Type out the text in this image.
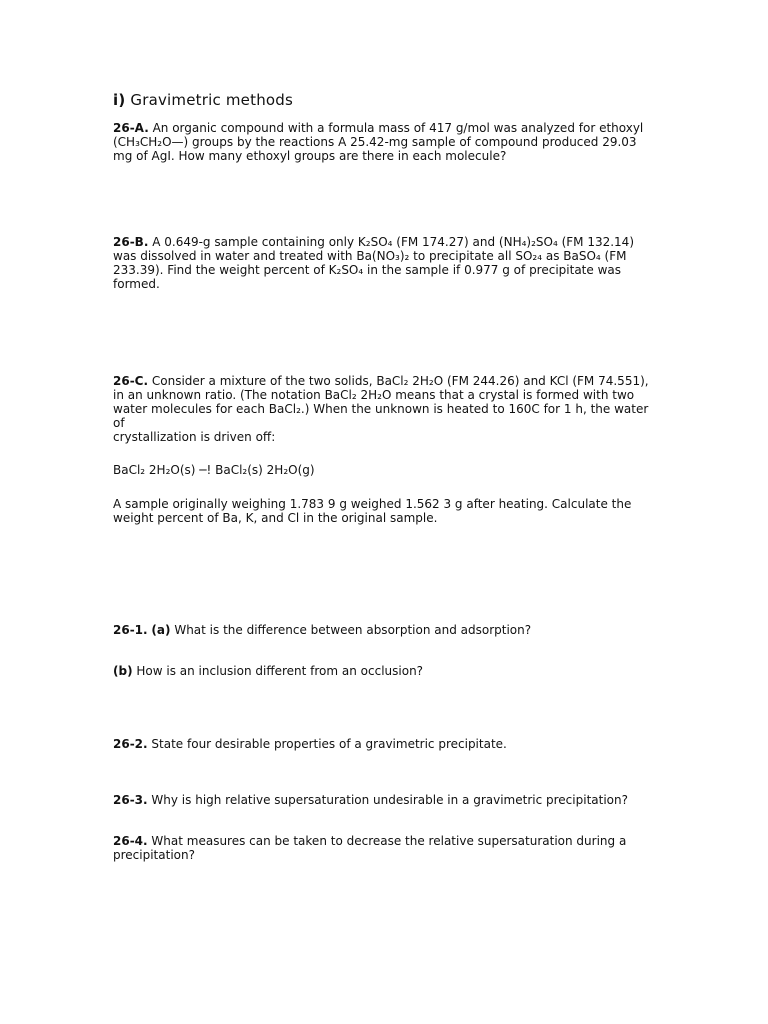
i) Gravimetric methods

26-A. An organic compound with a formula mass of 417 g/mol was analyzed for ethoxyl
(CH₃CH₂O—) groups by the reactions A 25.42-mg sample of compound produced 29.03
mg of AgI. How many ethoxyl groups are there in each molecule?

26-B. A 0.649-g sample containing only K₂SO₄ (FM 174.27) and (NH₄)₂SO₄ (FM 132.14)
was dissolved in water and treated with Ba(NO₃)₂ to precipitate all SO₂₄ as BaSO₄ (FM
233.39). Find the weight percent of K₂SO₄ in the sample if 0.977 g of precipitate was
formed.

26-C. Consider a mixture of the two solids, BaCl₂ 2H₂O (FM 244.26) and KCl (FM 74.551),
in an unknown ratio. (The notation BaCl₂ 2H₂O means that a crystal is formed with two
water molecules for each BaCl₂.) When the unknown is heated to 160C for 1 h, the water
of
crystallization is driven off:

BaCl₂ 2H₂O(s) ─! BaCl₂(s) 2H₂O(g)

A sample originally weighing 1.783 9 g weighed 1.562 3 g after heating. Calculate the
weight percent of Ba, K, and Cl in the original sample.

26-1. (a) What is the difference between absorption and adsorption?

(b) How is an inclusion different from an occlusion?

26-2. State four desirable properties of a gravimetric precipitate.

26-3. Why is high relative supersaturation undesirable in a gravimetric precipitation?

26-4. What measures can be taken to decrease the relative supersaturation during a
precipitation?
